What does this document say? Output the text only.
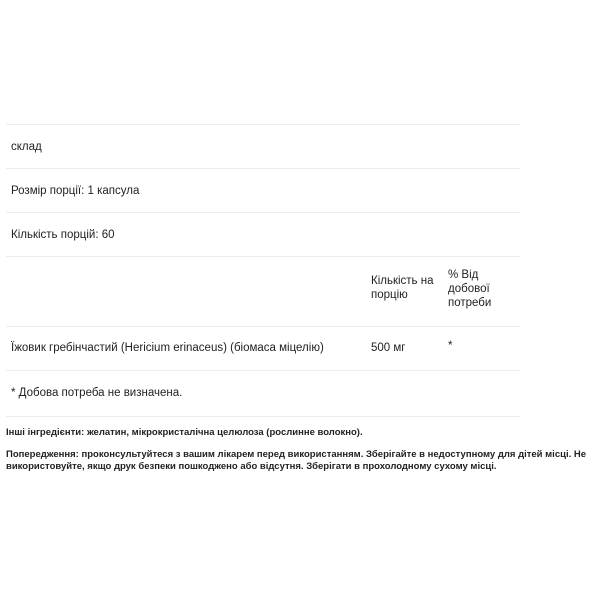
склад
Розмір порції: 1 капсула
Кількість порцій: 60
Кількість на порцію
% Від добової потреби
Їжовик гребінчастий (Hericium erinaceus) (біомаса міцелію)	500 мг	*
* Добова потреба не визначена.

Інші інгредієнти: желатин, мікрокристалічна целюлоза (рослинне волокно).

Попередження: проконсультуйтеся з вашим лікарем перед використанням. Зберігайте в недоступному для дітей місці. Не використовуйте, якщо друк безпеки пошкоджено або відсутня. Зберігати в прохолодному сухому місці.
